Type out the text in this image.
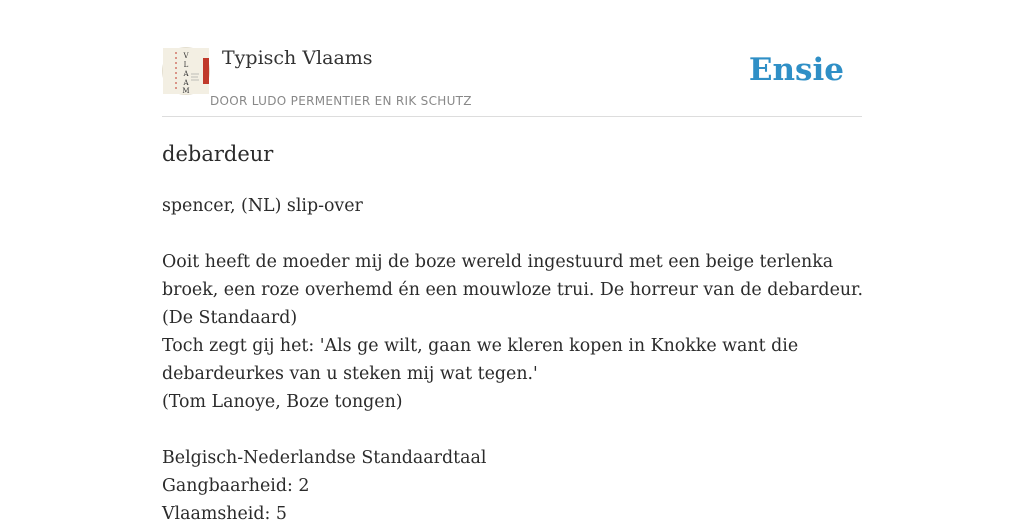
V
L
A
A
M
Typisch Vlaams
DOOR LUDO PERMENTIER EN RIK SCHUTZ
Ensie
debardeur
spencer, (NL) slip-over
Ooit heeft de moeder mij de boze wereld ingestuurd met een beige terlenka
broek, een roze overhemd én een mouwloze trui. De horreur van de debardeur.
(De Standaard)
Toch zegt gij het: 'Als ge wilt, gaan we kleren kopen in Knokke want die
debardeurkes van u steken mij wat tegen.'
(Tom Lanoye, Boze tongen)
Belgisch-Nederlandse Standaardtaal
Gangbaarheid: 2
Vlaamsheid: 5
